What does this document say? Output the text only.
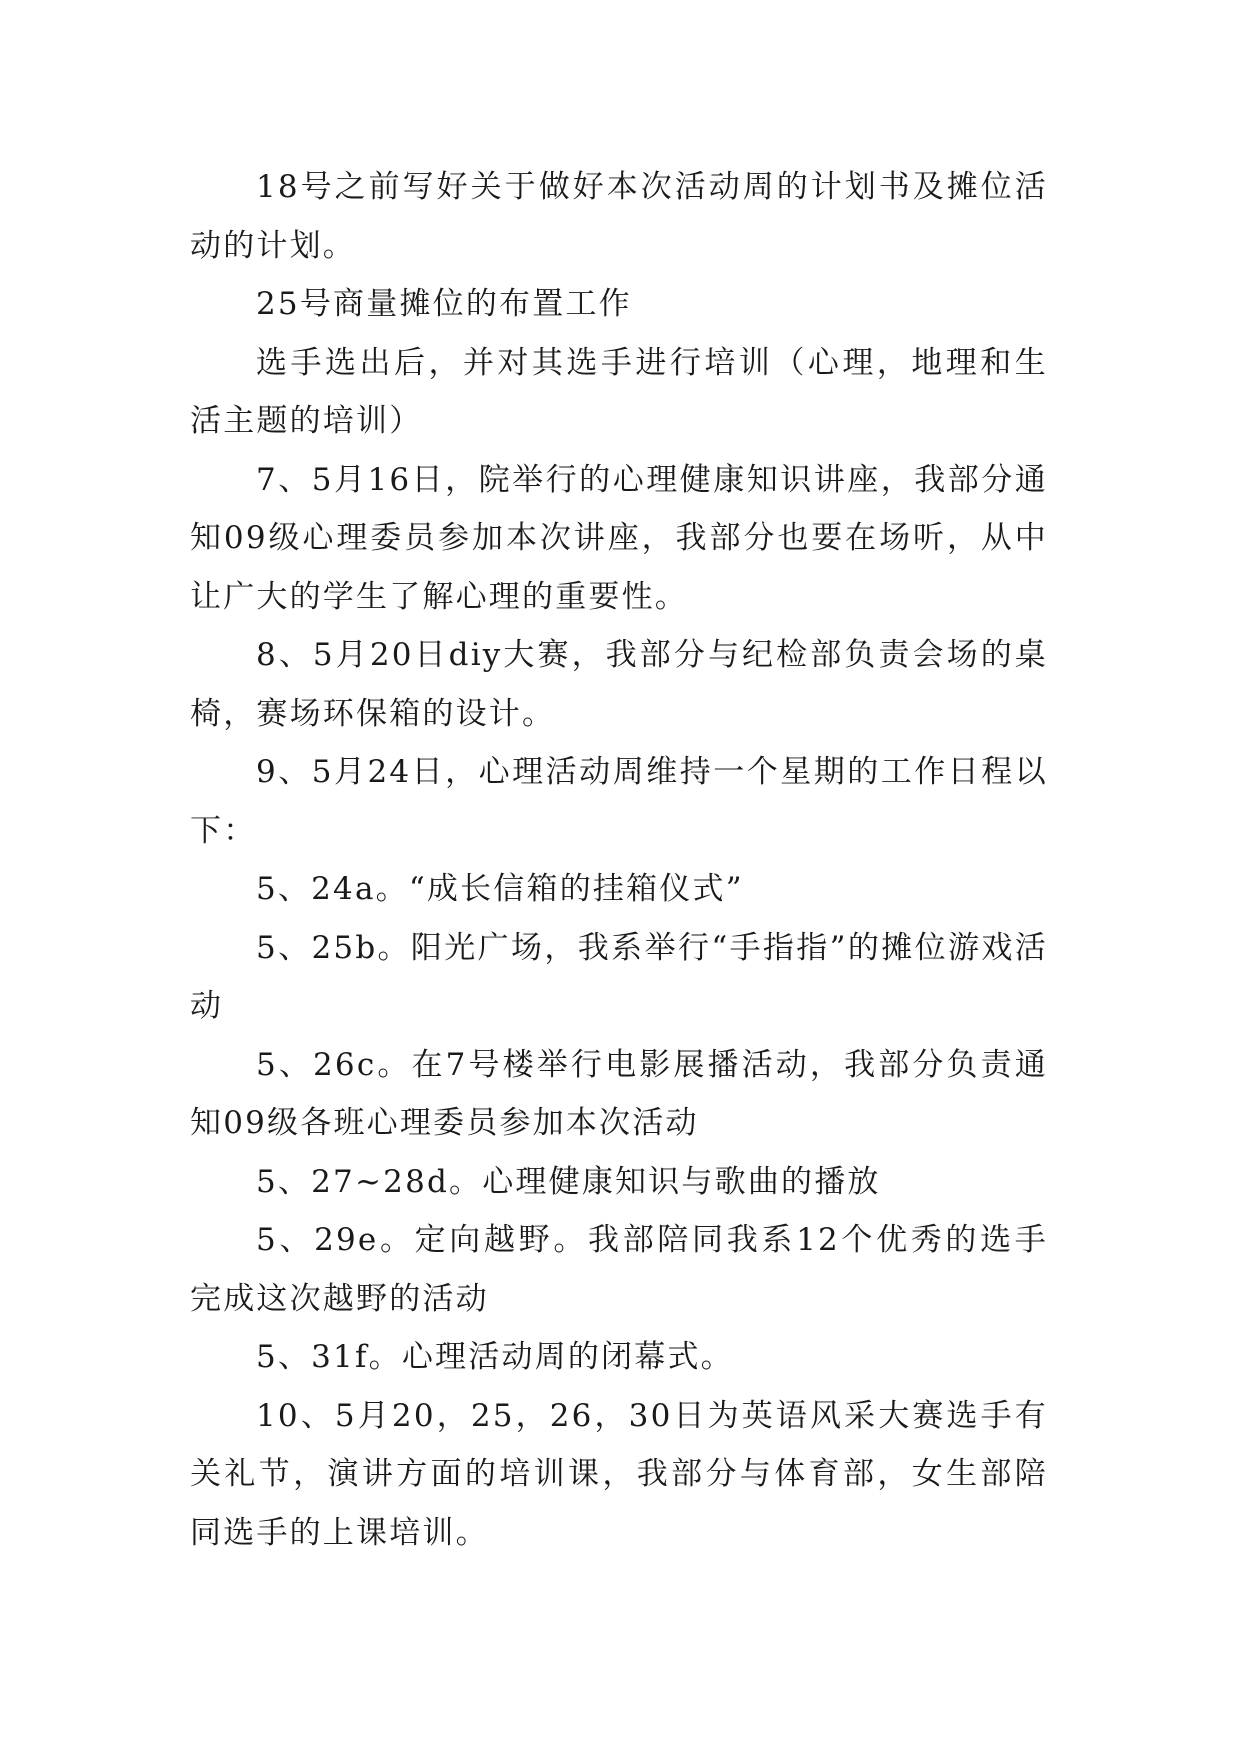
18号之前写好关于做好本次活动周的计划书及摊位活动的计划。

25号商量摊位的布置工作

选手选出后，并对其选手进行培训（心理，地理和生活主题的培训）

7、5月16日，院举行的心理健康知识讲座，我部分通知09级心理委员参加本次讲座，我部分也要在场听，从中让广大的学生了解心理的重要性。

8、5月20日diy大赛，我部分与纪检部负责会场的桌椅，赛场环保箱的设计。

9、5月24日，心理活动周维持一个星期的工作日程以下：

5、24a。“成长信箱的挂箱仪式”

5、25b。阳光广场，我系举行“手指指”的摊位游戏活动

5、26c。在7号楼举行电影展播活动，我部分负责通知09级各班心理委员参加本次活动

5、27~28d。心理健康知识与歌曲的播放

5、29e。定向越野。我部陪同我系12个优秀的选手完成这次越野的活动

5、31f。心理活动周的闭幕式。

10、5月20，25，26，30日为英语风采大赛选手有关礼节，演讲方面的培训课，我部分与体育部，女生部陪同选手的上课培训。
